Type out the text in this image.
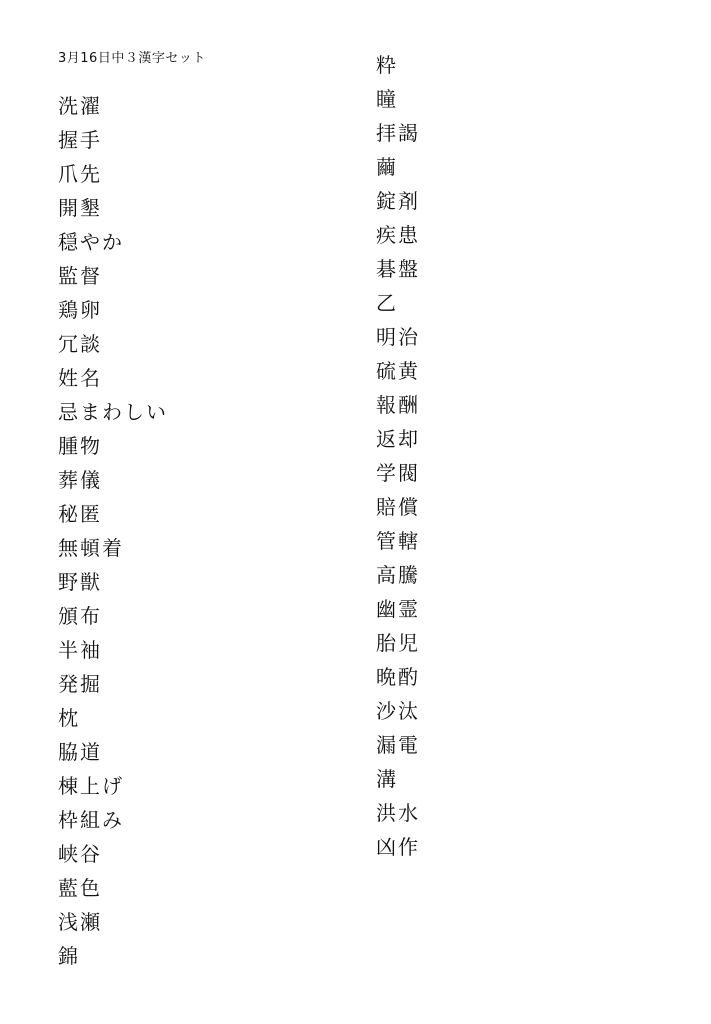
3月16日中３漢字セット
洗濯
握手
爪先
開墾
穏やか
監督
鶏卵
冗談
姓名
忌まわしい
腫物
葬儀
秘匿
無頓着
野獣
頒布
半袖
発掘
枕
脇道
棟上げ
枠組み
峡谷
藍色
浅瀬
錦
粋
瞳
拝謁
繭
錠剤
疾患
碁盤
乙
明治
硫黄
報酬
返却
学閥
賠償
管轄
高騰
幽霊
胎児
晩酌
沙汰
漏電
溝
洪水
凶作
